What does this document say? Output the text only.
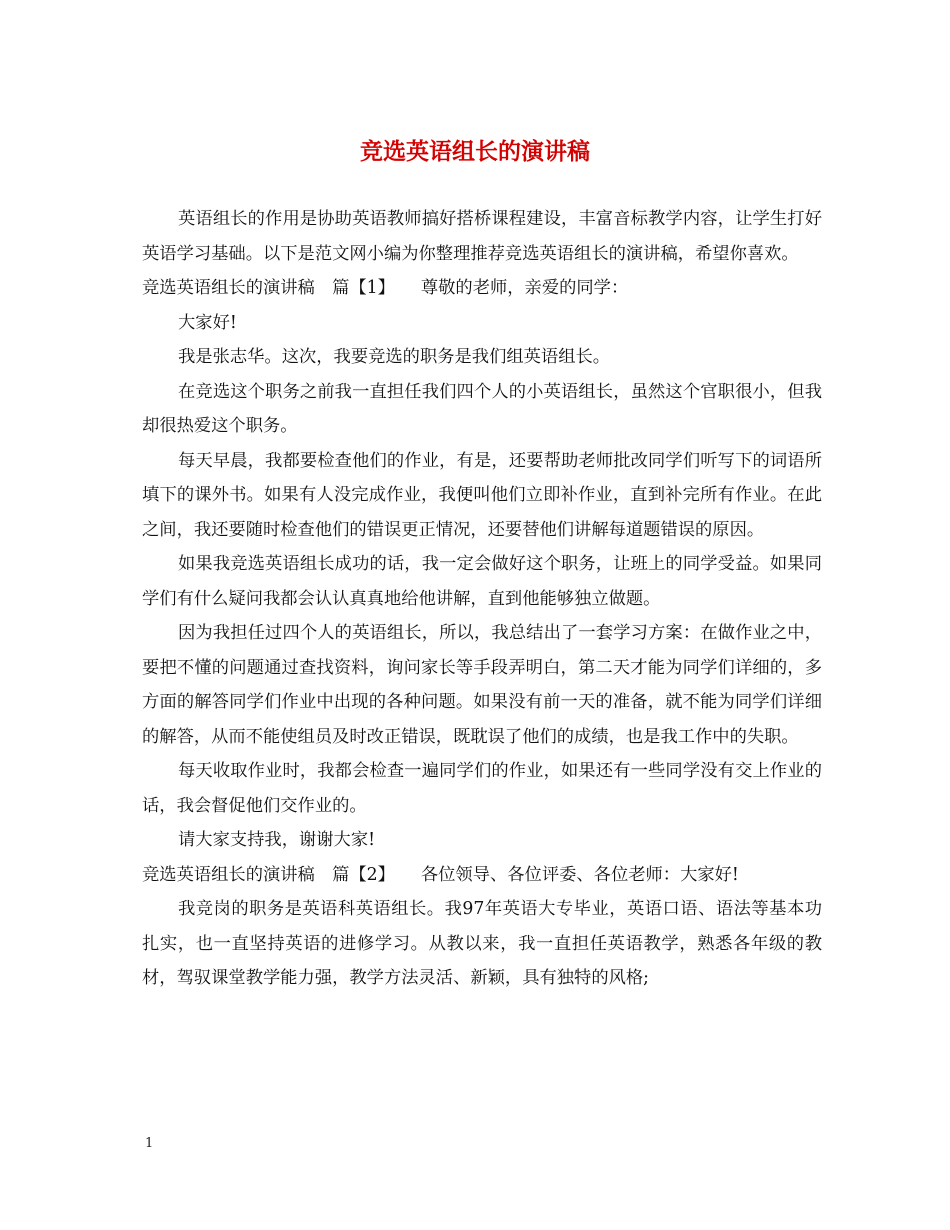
竞选英语组长的演讲稿

英语组长的作用是协助英语教师搞好搭桥课程建设，丰富音标教学内容，让学生打好英语学习基础。以下是范文网小编为你整理推荐竞选英语组长的演讲稿，希望你喜欢。

竞选英语组长的演讲稿　篇【1】　　尊敬的老师，亲爱的同学：

大家好!

我是张志华。这次，我要竞选的职务是我们组英语组长。

在竞选这个职务之前我一直担任我们四个人的小英语组长，虽然这个官职很小，但我却很热爱这个职务。

每天早晨，我都要检查他们的作业，有是，还要帮助老师批改同学们听写下的词语所填下的课外书。如果有人没完成作业，我便叫他们立即补作业，直到补完所有作业。在此之间，我还要随时检查他们的错误更正情况，还要替他们讲解每道题错误的原因。

如果我竞选英语组长成功的话，我一定会做好这个职务，让班上的同学受益。如果同学们有什么疑问我都会认认真真地给他讲解，直到他能够独立做题。

因为我担任过四个人的英语组长，所以，我总结出了一套学习方案：在做作业之中，要把不懂的问题通过查找资料，询问家长等手段弄明白，第二天才能为同学们详细的，多方面的解答同学们作业中出现的各种问题。如果没有前一天的准备，就不能为同学们详细的解答，从而不能使组员及时改正错误，既耽误了他们的成绩，也是我工作中的失职。

每天收取作业时，我都会检查一遍同学们的作业，如果还有一些同学没有交上作业的话，我会督促他们交作业的。

请大家支持我，谢谢大家!

竞选英语组长的演讲稿　篇【2】　　各位领导、各位评委、各位老师：大家好!

我竞岗的职务是英语科英语组长。我97年英语大专毕业，英语口语、语法等基本功扎实，也一直坚持英语的进修学习。从教以来，我一直担任英语教学，熟悉各年级的教材，驾驭课堂教学能力强，教学方法灵活、新颖，具有独特的风格;

1
